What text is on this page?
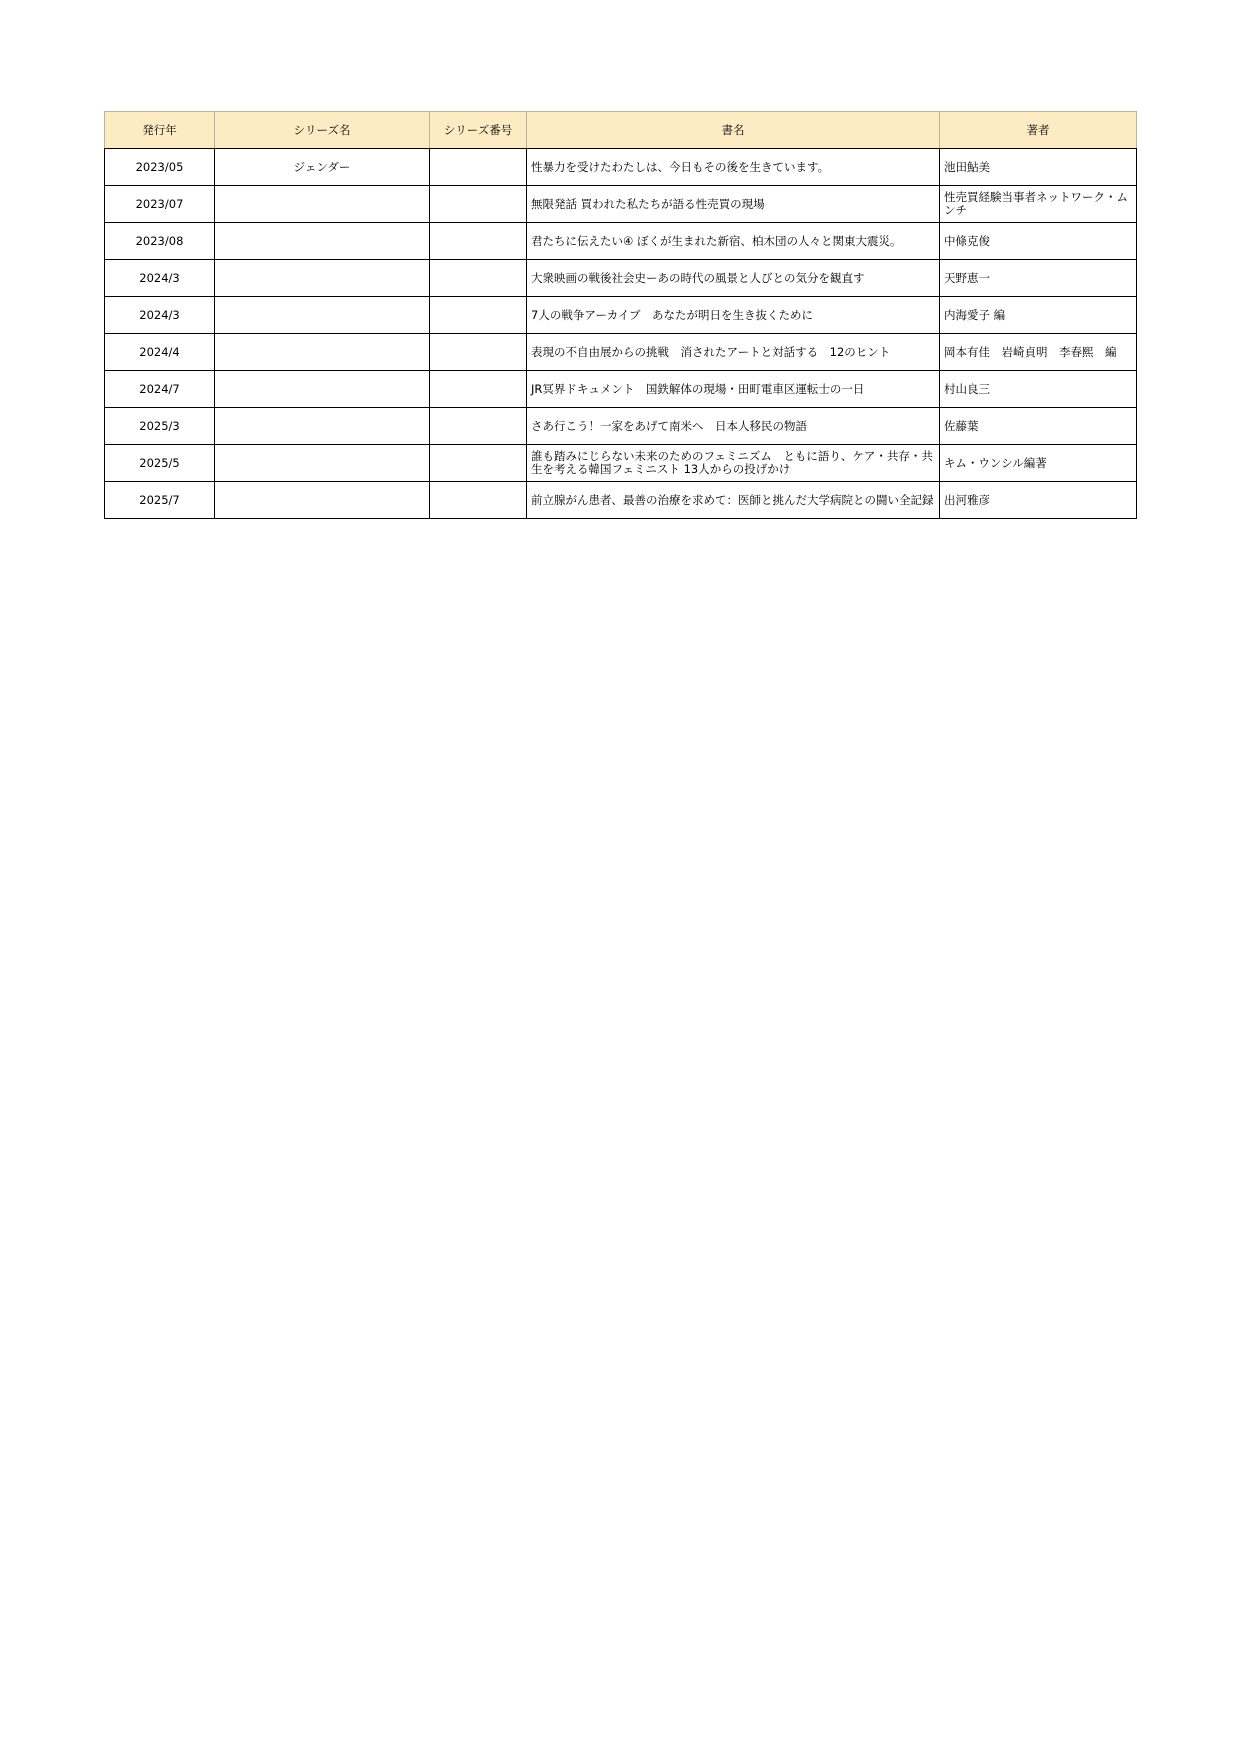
発行年	シリーズ名	シリーズ番号	書名	著者
2023/05	ジェンダー		性暴力を受けたわたしは、今日もその後を生きています。	池田鮎美
2023/07			無限発話 買われた私たちが語る性売買の現場	性売買経験当事者ネットワーク・ムンチ
2023/08			君たちに伝えたい④ ぼくが生まれた新宿、柏木団の人々と関東大震災。	中條克俊
2024/3			大衆映画の戦後社会史ーあの時代の風景と人びとの気分を観直す	天野恵一
2024/3			7人の戦争アーカイブ　あなたが明日を生き抜くために	内海愛子 編
2024/4			表現の不自由展からの挑戦　消されたアートと対話する　12のヒント	岡本有佳　岩崎貞明　李春熙　編
2024/7			JR冥界ドキュメント　国鉄解体の現場・田町電車区運転士の一日	村山良三
2025/3			さあ行こう！一家をあげて南米へ　日本人移民の物語	佐藤葉
2025/5			誰も踏みにじらない未来のためのフェミニズム　ともに語り、ケア・共存・共生を考える韓国フェミニスト 13人からの投げかけ	キム・ウンシル編著
2025/7			前立腺がん患者、最善の治療を求めて：医師と挑んだ大学病院との闘い全記録	出河雅彦
